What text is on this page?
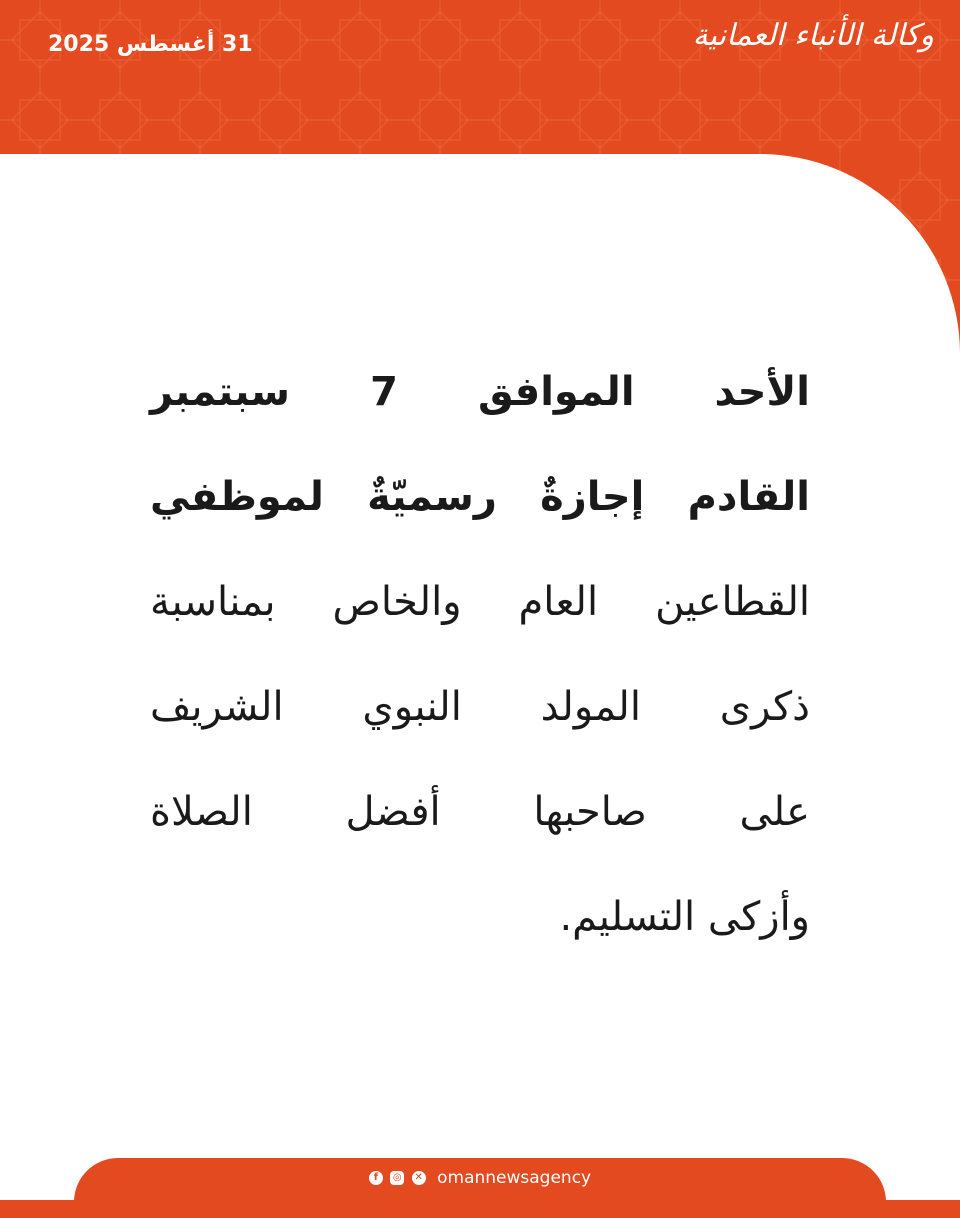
31 أغسطس 2025	وكالة الأنباء العمانية
الأحد الموافق 7 سبتمبر
القادم إجازةٌ رسميّةٌ لموظفي
القطاعين العام والخاص بمناسبة
ذكرى المولد النبوي الشريف
على صاحبها أفضل الصلاة
وأزكى التسليم.
f ◎ ✕ omannewsagency
